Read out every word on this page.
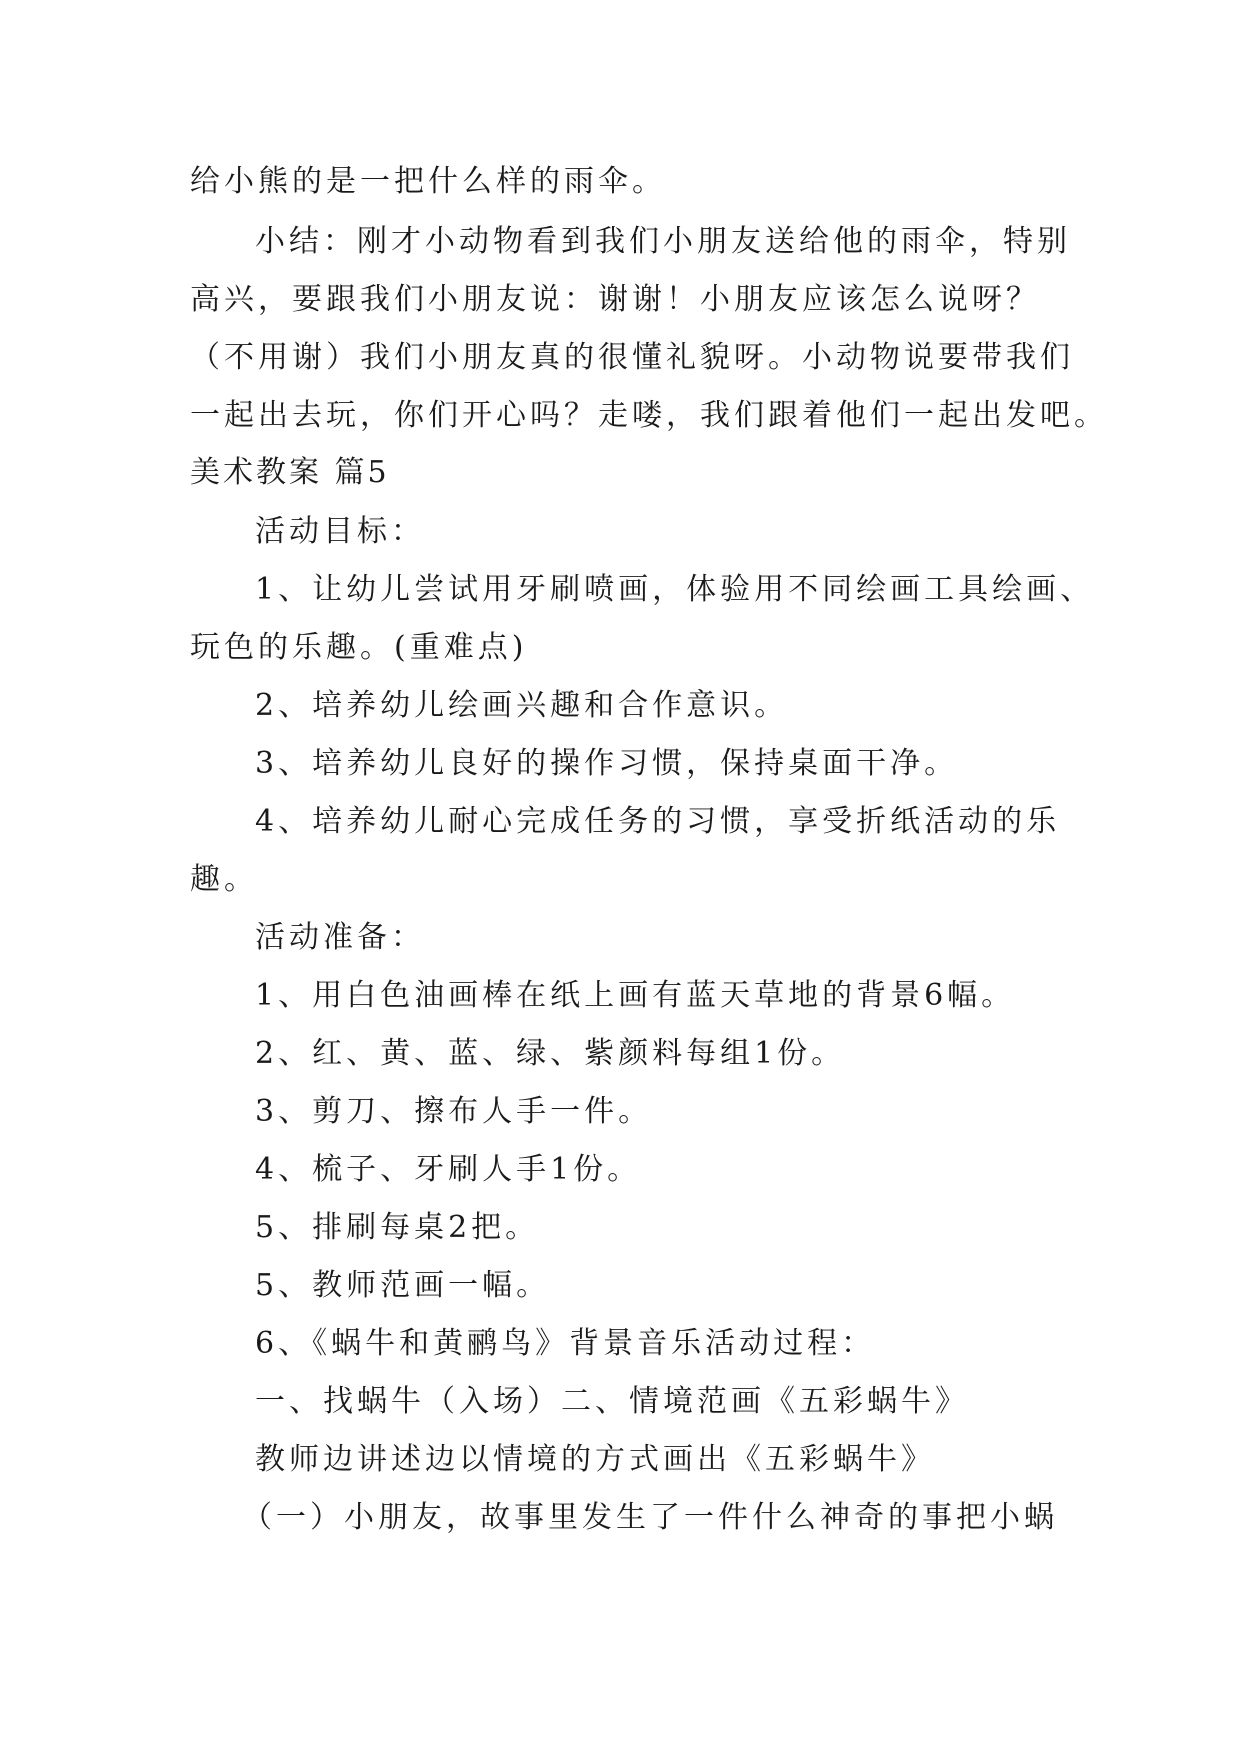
给小熊的是一把什么样的雨伞。
小结：刚才小动物看到我们小朋友送给他的雨伞，特别
高兴，要跟我们小朋友说：谢谢！小朋友应该怎么说呀？
（不用谢）我们小朋友真的很懂礼貌呀。小动物说要带我们
一起出去玩，你们开心吗？走喽，我们跟着他们一起出发吧。
美术教案 篇5
活动目标：
1、让幼儿尝试用牙刷喷画，体验用不同绘画工具绘画、
玩色的乐趣。(重难点)
2、培养幼儿绘画兴趣和合作意识。
3、培养幼儿良好的操作习惯，保持桌面干净。
4、培养幼儿耐心完成任务的习惯，享受折纸活动的乐
趣。
活动准备：
1、用白色油画棒在纸上画有蓝天草地的背景6幅。
2、红、黄、蓝、绿、紫颜料每组1份。
3、剪刀、擦布人手一件。
4、梳子、牙刷人手1份。
5、排刷每桌2把。
5、教师范画一幅。
6、《蜗牛和黄鹂鸟》背景音乐活动过程：
一、找蜗牛（入场）二、情境范画《五彩蜗牛》
教师边讲述边以情境的方式画出《五彩蜗牛》
（一）小朋友，故事里发生了一件什么神奇的事把小蜗
